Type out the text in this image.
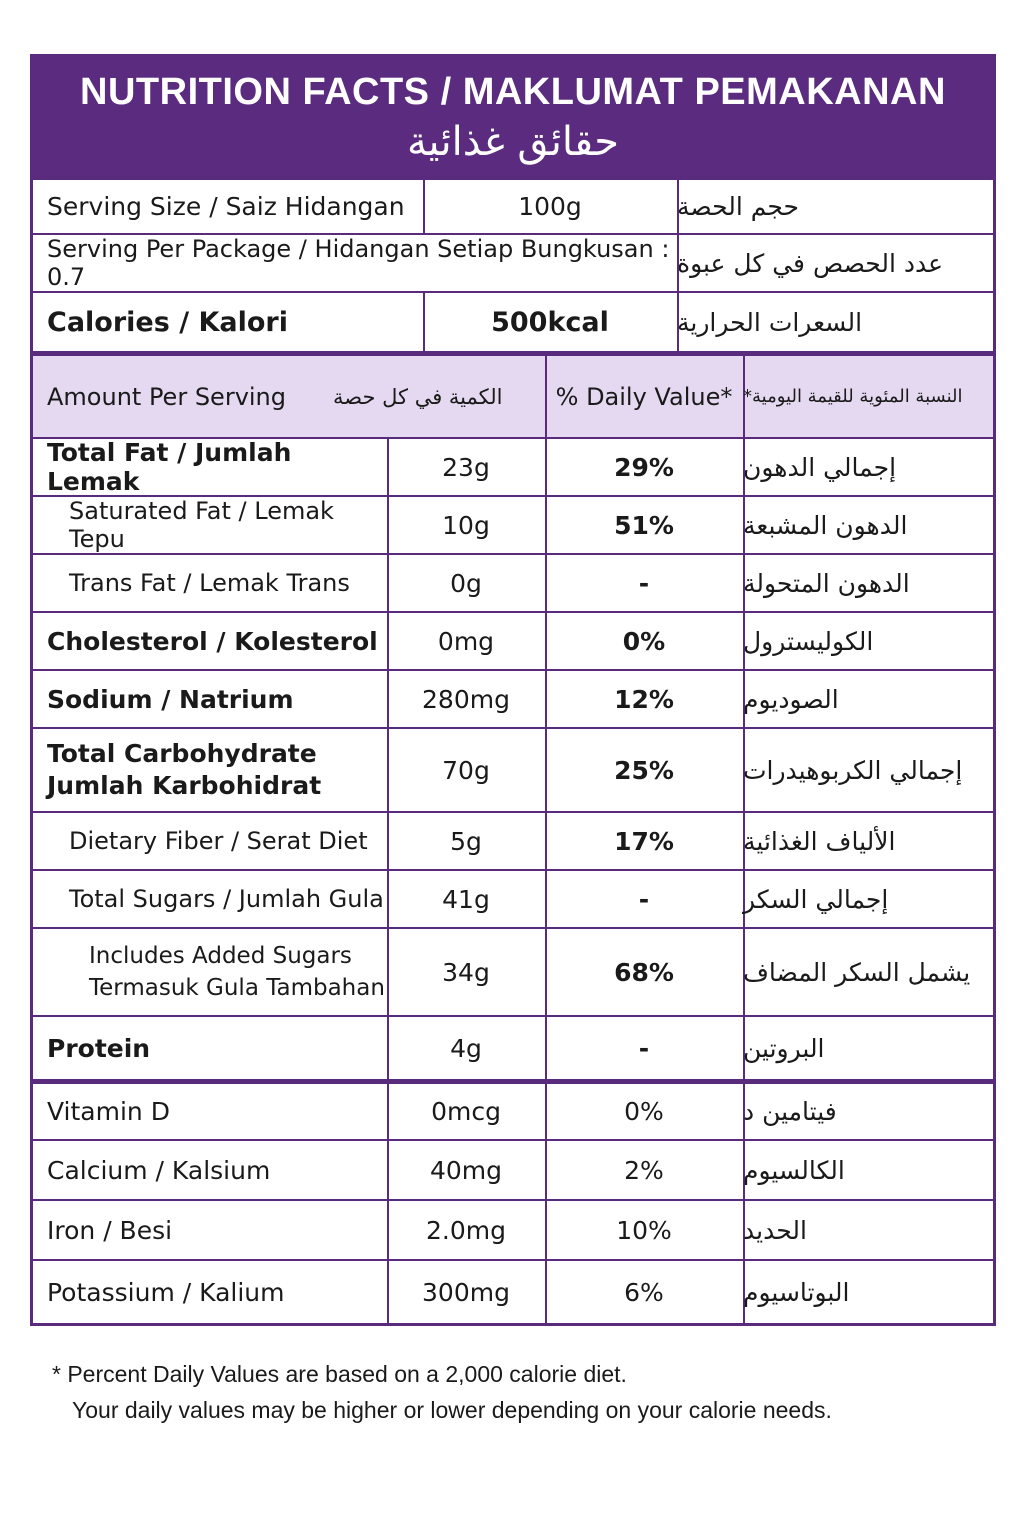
NUTRITION FACTS / MAKLUMAT PEMAKANAN
حقائق غذائية
Serving Size / Saiz Hidangan	100g	حجم الحصة
Serving Per Package / Hidangan Setiap Bungkusan : 0.7	عدد الحصص في كل عبوة
Calories / Kalori	500kcal	السعرات الحرارية
Amount Per Serving	الكمية في كل حصة	% Daily Value* النسبة المئوية للقيمة اليومية*
Total Fat / Jumlah Lemak	23g	29%	إجمالي الدهون
Saturated Fat / Lemak Tepu	10g	51%	الدهون المشبعة
Trans Fat / Lemak Trans	0g	-	الدهون المتحولة
Cholesterol / Kolesterol	0mg	0%	الكوليسترول
Sodium / Natrium	280mg	12%	الصوديوم
Total Carbohydrate
Jumlah Karbohidrat
70g	25%	إجمالي الكربوهيدرات
Dietary Fiber / Serat Diet	5g	17%	الألياف الغذائية
Total Sugars / Jumlah Gula	41g	-	إجمالي السكر
Includes Added Sugars
Termasuk Gula Tambahan
34g	68%	يشمل السكر المضاف
Protein	4g	-	البروتين
Vitamin D	0mcg	0%	فيتامين د
Calcium / Kalsium	40mg	2%	الكالسيوم
Iron / Besi	2.0mg	10%	الحديد
Potassium / Kalium	300mg	6%	البوتاسيوم
* Percent Daily Values are based on a 2,000 calorie diet.
Your daily values may be higher or lower depending on your calorie needs.
